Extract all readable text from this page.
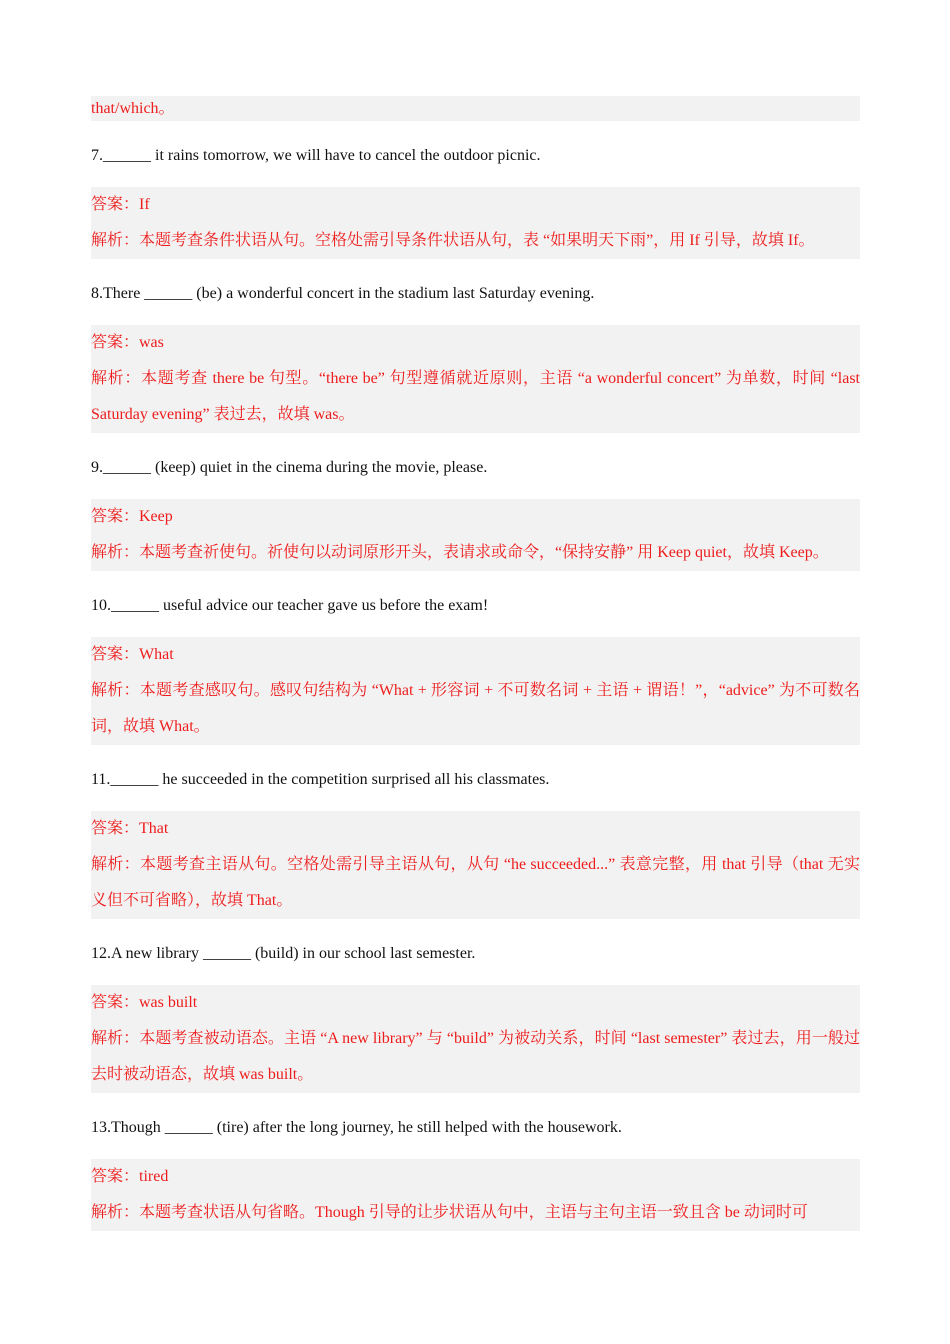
that/which。

7.______ it rains tomorrow, we will have to cancel the outdoor picnic.

答案：If
解析：本题考查条件状语从句。空格处需引导条件状语从句，表 “如果明天下雨”，用 If 引导，故填 If。

8.There ______ (be) a wonderful concert in the stadium last Saturday evening.

答案：was
解析：本题考查 there be 句型。“there be” 句型遵循就近原则，主语 “a wonderful concert” 为单数，时间 “last Saturday evening” 表过去，故填 was。

9.______ (keep) quiet in the cinema during the movie, please.

答案：Keep
解析：本题考查祈使句。祈使句以动词原形开头，表请求或命令，“保持安静” 用 Keep quiet，故填 Keep。

10.______ useful advice our teacher gave us before the exam!

答案：What
解析：本题考查感叹句。感叹句结构为 “What + 形容词 + 不可数名词 + 主语 + 谓语！”，“advice” 为不可数名词，故填 What。

11.______ he succeeded in the competition surprised all his classmates.

答案：That
解析：本题考查主语从句。空格处需引导主语从句，从句 “he succeeded...” 表意完整，用 that 引导（that 无实义但不可省略），故填 That。

12.A new library ______ (build) in our school last semester.

答案：was built
解析：本题考查被动语态。主语 “A new library” 与 “build” 为被动关系，时间 “last semester” 表过去，用一般过去时被动语态，故填 was built。

13.Though ______ (tire) after the long journey, he still helped with the housework.

答案：tired
解析：本题考查状语从句省略。Though 引导的让步状语从句中，主语与主句主语一致且含 be 动词时可
